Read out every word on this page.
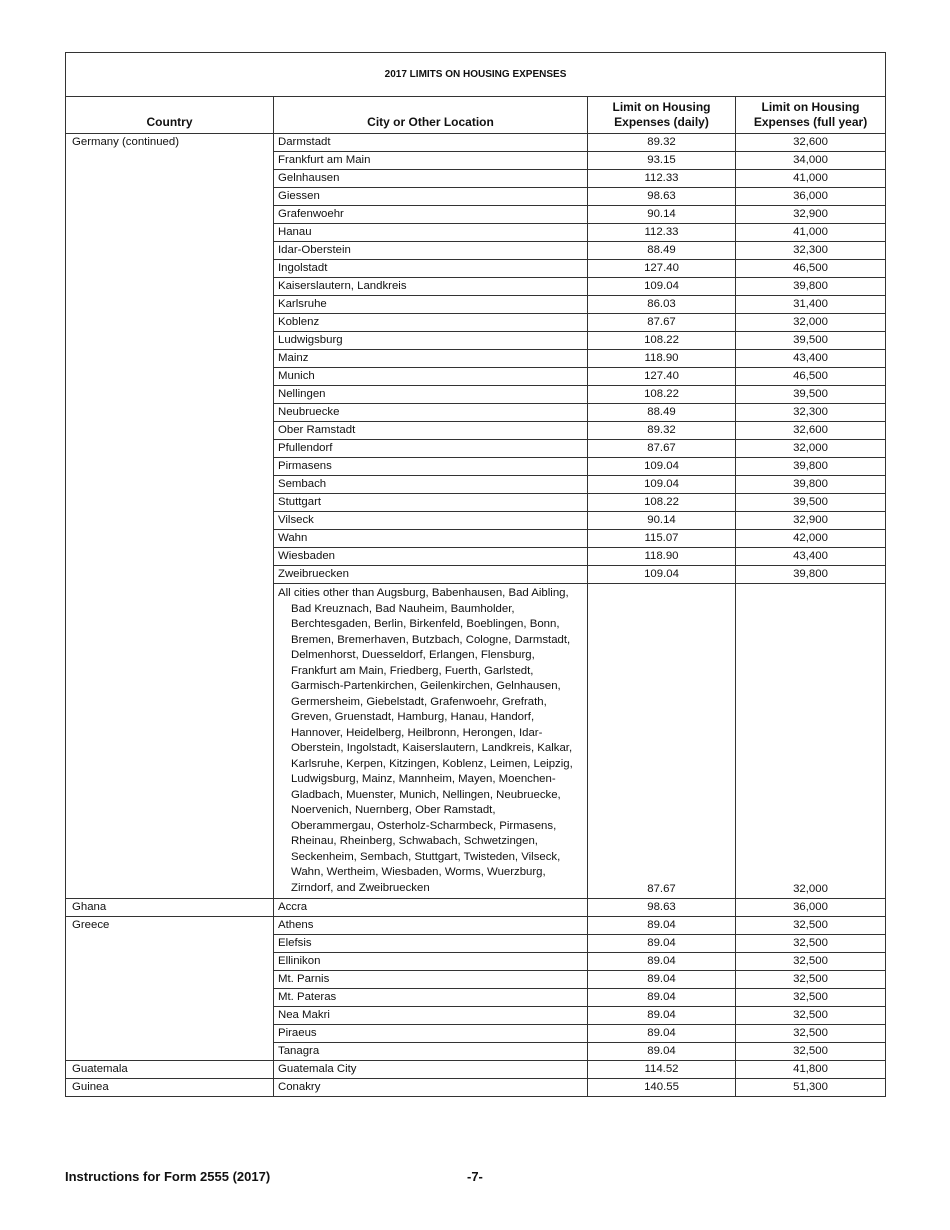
2017 LIMITS ON HOUSING EXPENSES			
Country	City or Other Location	Limit on Housing Expenses (daily)	Limit on Housing Expenses (full year)
Germany (continued)	Darmstadt	89.32	32,600
	Frankfurt am Main	93.15	34,000
	Gelnhausen	112.33	41,000
	Giessen	98.63	36,000
	Grafenwoehr	90.14	32,900
	Hanau	112.33	41,000
	Idar-Oberstein	88.49	32,300
	Ingolstadt	127.40	46,500
	Kaiserslautern, Landkreis	109.04	39,800
	Karlsruhe	86.03	31,400
	Koblenz	87.67	32,000
	Ludwigsburg	108.22	39,500
	Mainz	118.90	43,400
	Munich	127.40	46,500
	Nellingen	108.22	39,500
	Neubruecke	88.49	32,300
	Ober Ramstadt	89.32	32,600
	Pfullendorf	87.67	32,000
	Pirmasens	109.04	39,800
	Sembach	109.04	39,800
	Stuttgart	108.22	39,500
	Vilseck	90.14	32,900
	Wahn	115.07	42,000
	Wiesbaden	118.90	43,400
	Zweibruecken	109.04	39,800

	All cities other than Augsburg, Babenhausen, Bad Aibling, Bad Kreuznach, Bad Nauheim, Baumholder, Berchtesgaden, Berlin, Birkenfeld, Boeblingen, Bonn, Bremen, Bremerhaven, Butzbach, Cologne, Darmstadt, Delmenhorst, Duesseldorf, Erlangen, Flensburg, Frankfurt am Main, Friedberg, Fuerth, Garlstedt, Garmisch-Partenkirchen, Geilenkirchen, Gelnhausen, Germersheim, Giebelstadt, Grafenwoehr, Grefrath, Greven, Gruenstadt, Hamburg, Hanau, Handorf, Hannover, Heidelberg, Heilbronn, Herongen, Idar-Oberstein, Ingolstadt, Kaiserslautern, Landkreis, Kalkar, Karlsruhe, Kerpen, Kitzingen, Koblenz, Leimen, Leipzig, Ludwigsburg, Mainz, Mannheim, Mayen, Moenchen-Gladbach, Muenster, Munich, Nellingen, Neubruecke, Noervenich, Nuernberg, Ober Ramstadt, Oberammergau, Osterholz-Scharmbeck, Pirmasens, Rheinau, Rheinberg, Schwabach, Schwetzingen, Seckenheim, Sembach, Stuttgart, Twisteden, Vilseck, Wahn, Wertheim, Wiesbaden, Worms, Wuerzburg, Zirndorf, and Zweibruecken	87.67	32,000
Ghana	Accra	98.63	36,000
Greece	Athens	89.04	32,500
	Elefsis	89.04	32,500
	Ellinikon	89.04	32,500
	Mt. Parnis	89.04	32,500
	Mt. Pateras	89.04	32,500
	Nea Makri	89.04	32,500
	Piraeus	89.04	32,500
	Tanagra	89.04	32,500
Guatemala	Guatemala City	114.52	41,800
Guinea	Conakry	140.55	51,300
Instructions for Form 2555 (2017)	-7-
